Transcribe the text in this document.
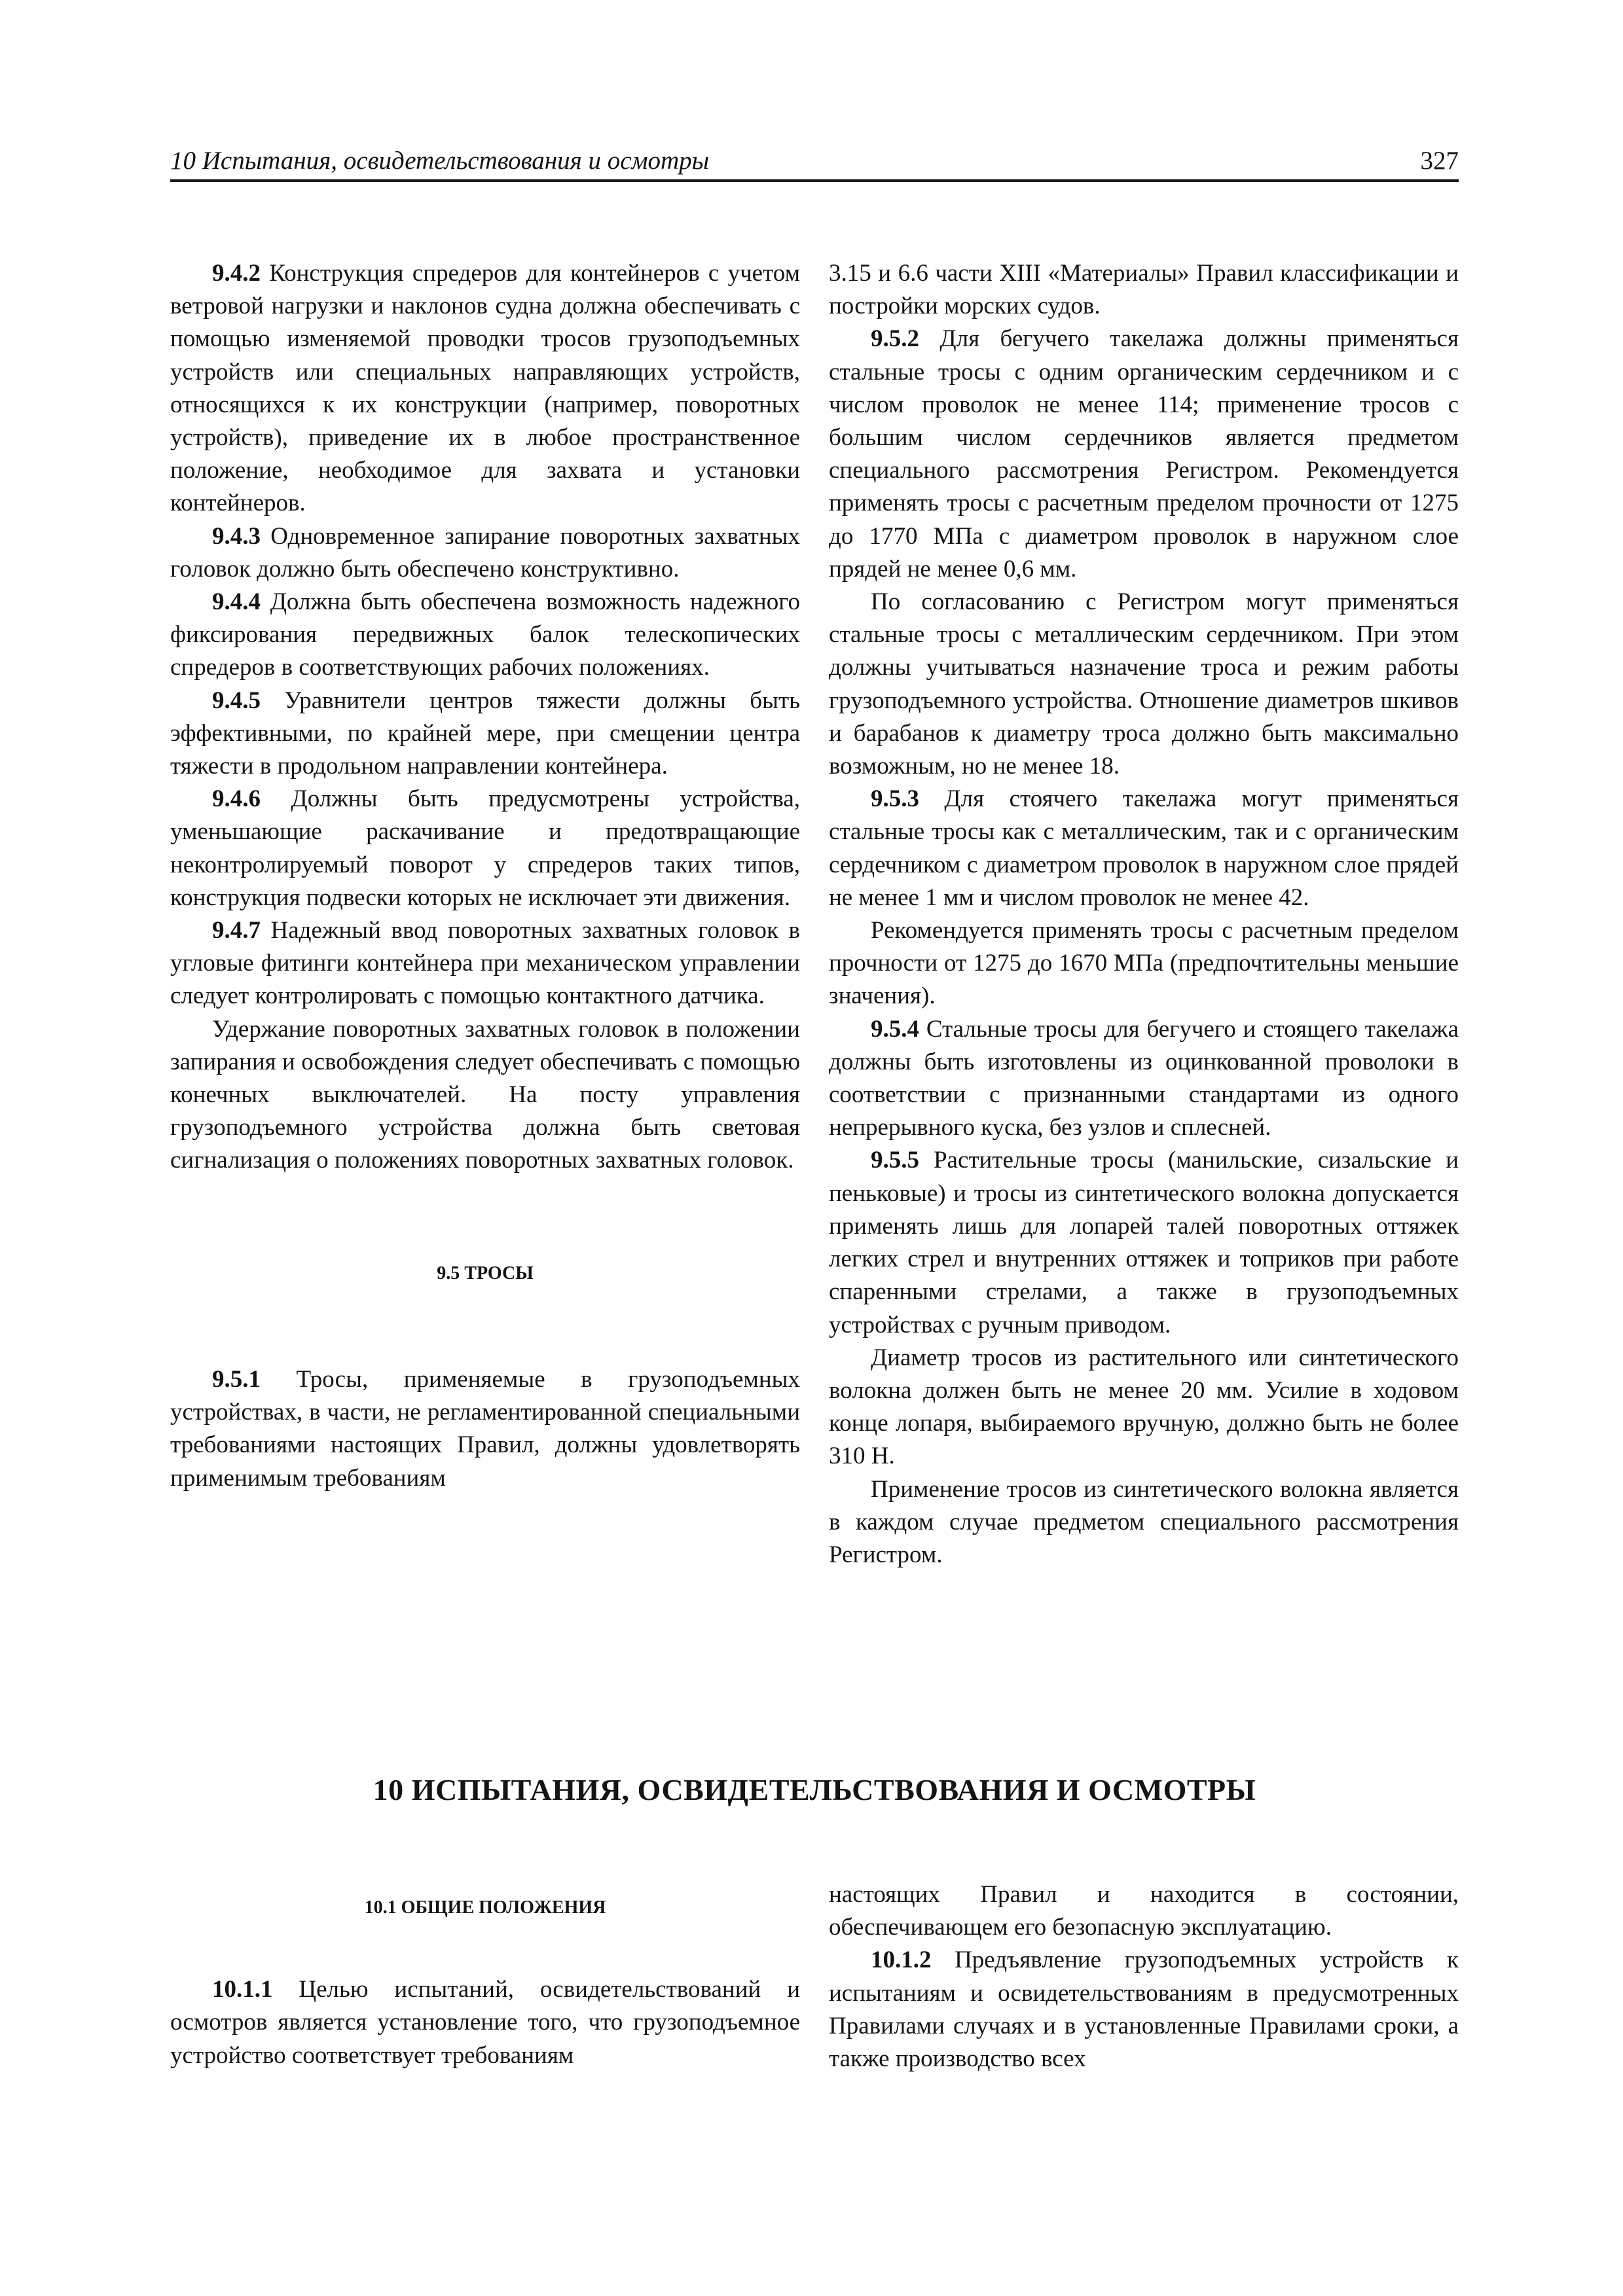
10 Испытания, освидетельствования и осмотры	327

9.4.2 Конструкция спредеров для контейнеров с учетом ветровой нагрузки и наклонов судна должна обеспечивать с помощью изменяемой проводки тросов грузоподъемных устройств или специальных направляющих устройств, относящихся к их конструкции (например, поворотных устройств), приведение их в любое пространственное положение, необходимое для захвата и установки контейнеров.

9.4.3 Одновременное запирание поворотных захватных головок должно быть обеспечено конструктивно.

9.4.4 Должна быть обеспечена возможность надежного фиксирования передвижных балок телескопических спредеров в соответствующих рабочих положениях.

9.4.5 Уравнители центров тяжести должны быть эффективными, по крайней мере, при смещении центра тяжести в продольном направлении контейнера.

9.4.6 Должны быть предусмотрены устройства, уменьшающие раскачивание и предотвращающие неконтролируемый поворот у спредеров таких типов, конструкция подвески которых не исключает эти движения.

9.4.7 Надежный ввод поворотных захватных головок в угловые фитинги контейнера при механическом управлении следует контролировать с помощью контактного датчика.

Удержание поворотных захватных головок в положении запирания и освобождения следует обеспечивать с помощью конечных выключателей. На посту управления грузоподъемного устройства должна быть световая сигнализация о положениях поворотных захватных головок.

9.5 ТРОСЫ

9.5.1 Тросы, применяемые в грузоподъемных устройствах, в части, не регламентированной специальными требованиями настоящих Правил, должны удовлетворять применимым требованиям

3.15 и 6.6 части XIII «Материалы» Правил классификации и постройки морских судов.

9.5.2 Для бегучего такелажа должны применяться стальные тросы с одним органическим сердечником и с числом проволок не менее 114; применение тросов с большим числом сердечников является предметом специального рассмотрения Регистром. Рекомендуется применять тросы с расчетным пределом прочности от 1275 до 1770 МПа с диаметром проволок в наружном слое прядей не менее 0,6 мм.

По согласованию с Регистром могут применяться стальные тросы с металлическим сердечником. При этом должны учитываться назначение троса и режим работы грузоподъемного устройства. Отношение диаметров шкивов и барабанов к диаметру троса должно быть максимально возможным, но не менее 18.

9.5.3 Для стоячего такелажа могут применяться стальные тросы как с металлическим, так и с органическим сердечником с диаметром проволок в наружном слое прядей не менее 1 мм и числом проволок не менее 42.

Рекомендуется применять тросы с расчетным пределом прочности от 1275 до 1670 МПа (предпочтительны меньшие значения).

9.5.4 Стальные тросы для бегучего и стоящего такелажа должны быть изготовлены из оцинкованной проволоки в соответствии с признанными стандартами из одного непрерывного куска, без узлов и сплесней.

9.5.5 Растительные тросы (манильские, сизальские и пеньковые) и тросы из синтетического волокна допускается применять лишь для лопарей талей поворотных оттяжек легких стрел и внутренних оттяжек и топриков при работе спаренными стрелами, а также в грузоподъемных устройствах с ручным приводом.

Диаметр тросов из растительного или синтетического волокна должен быть не менее 20 мм. Усилие в ходовом конце лопаря, выбираемого вручную, должно быть не более 310 Н.

Применение тросов из синтетического волокна является в каждом случае предметом специального рассмотрения Регистром.

10 ИСПЫТАНИЯ, ОСВИДЕТЕЛЬСТВОВАНИЯ И ОСМОТРЫ

10.1 ОБЩИЕ ПОЛОЖЕНИЯ

10.1.1 Целью испытаний, освидетельствований и осмотров является установление того, что грузоподъемное устройство соответствует требованиям

настоящих Правил и находится в состоянии, обеспечивающем его безопасную эксплуатацию.

10.1.2 Предъявление грузоподъемных устройств к испытаниям и освидетельствованиям в предусмотренных Правилами случаях и в установленные Правилами сроки, а также производство всех
